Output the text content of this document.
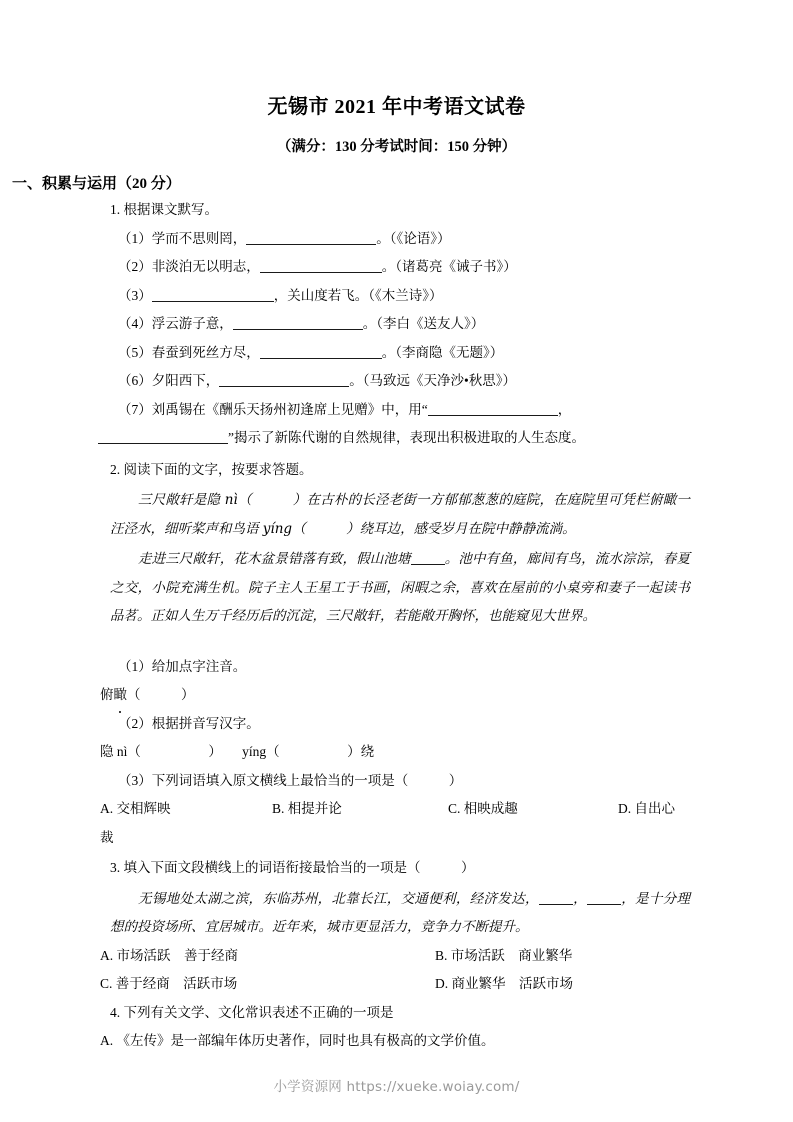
无锡市 2021 年中考语文试卷

（满分：130 分考试时间：150 分钟）

一、积累与运用（20 分）

1. 根据课文默写。

（1）学而不思则罔，	。（《论语》）

（2）非淡泊无以明志，	。（诸葛亮《诫子书》）

（3）	，关山度若飞。（《木兰诗》）

（4）浮云游子意，	。（李白《送友人》）

（5）春蚕到死丝方尽，	。（李商隐《无题》）

（6）夕阳西下，	。（马致远《天净沙•秋思》）

（7）刘禹锡在《酬乐天扬州初逢席上见赠》中，用“	，

”揭示了新陈代谢的自然规律，表现出积极进取的人生态度。

2. 阅读下面的文字，按要求答题。

三尺敞轩是隐 nì（　　　）在古朴的长泾老街一方郁郁葱葱的庭院，在庭院里可凭栏俯瞰一汪泾水，细听桨声和鸟语 yíng（　　　）绕耳边，感受岁月在院中静静流淌。

走进三尺敞轩，花木盆景错落有致，假山池塘	。池中有鱼，廊间有鸟，流水淙淙，春夏之交，小院充满生机。院子主人王星工于书画，闲暇之余，喜欢在屋前的小桌旁和妻子一起读书品茗。正如人生万千经历后的沉淀，三尺敞轩，若能敞开胸怀，也能窥见大世界。

（1）给加点字注音。

俯瞰（　　　）

（2）根据拼音写汉字。

隐 nì（　　　　　）　　yíng（　　　　　）绕

（3）下列词语填入原文横线上最恰当的一项是（　　　）

A. 交相辉映	B. 相提并论	C. 相映成趣	D. 自出心

裁

3. 填入下面文段横线上的词语衔接最恰当的一项是（　　　）

无锡地处太湖之滨，东临苏州，北靠长江，交通便利，经济发达，	，	，是十分理想的投资场所、宜居城市。近年来，城市更显活力，竞争力不断提升。

A. 市场活跃　善于经商	B. 市场活跃　商业繁华
C. 善于经商　活跃市场	D. 商业繁华　活跃市场

4. 下列有关文学、文化常识表述不正确的一项是

A. 《左传》是一部编年体历史著作，同时也具有极高的文学价值。

小学资源网 https://xueke.woiay.com/
